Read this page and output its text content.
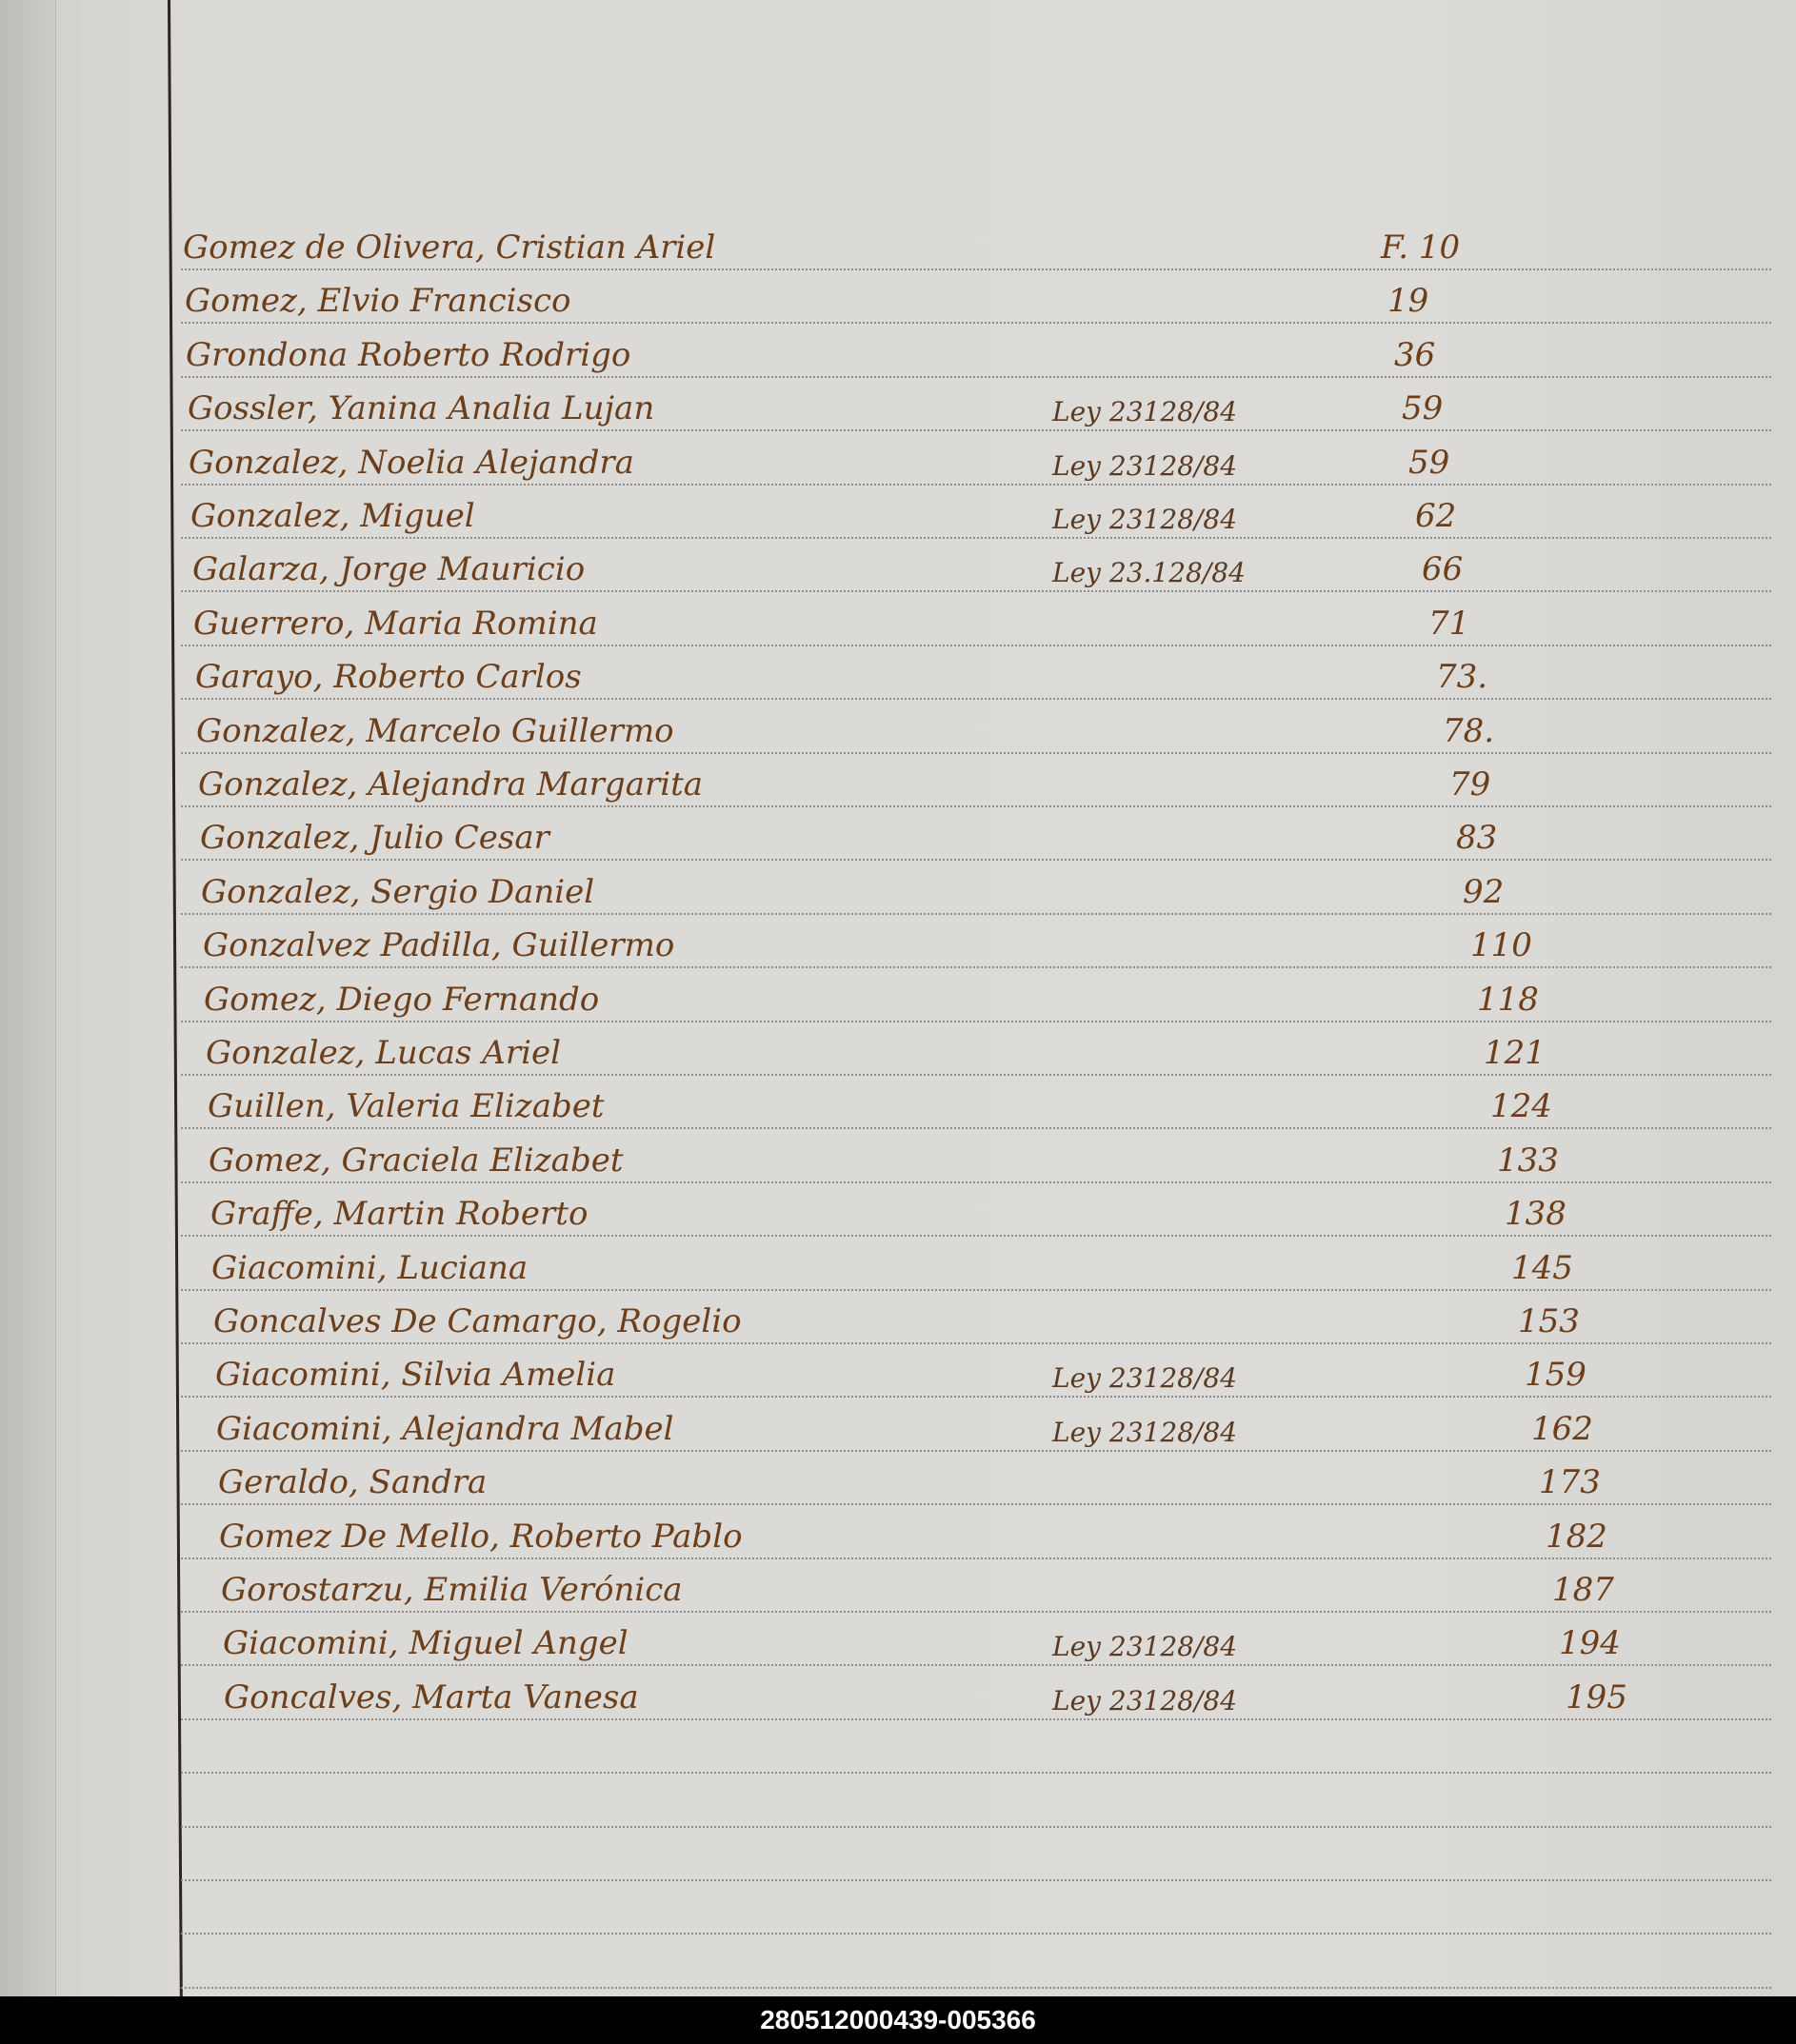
Gomez de Olivera, Cristian Ariel	F. 10
Gomez, Elvio Francisco	19
Grondona Roberto Rodrigo	36
Gossler, Yanina Analia Lujan	Ley 23128/84	59
Gonzalez, Noelia Alejandra	Ley 23128/84	59
Gonzalez, Miguel	Ley 23128/84	62
Galarza, Jorge Mauricio	Ley 23.128/84	66
Guerrero, Maria Romina	71
Garayo, Roberto Carlos	73.
Gonzalez, Marcelo Guillermo	78.
Gonzalez, Alejandra Margarita	79
Gonzalez, Julio Cesar	83
Gonzalez, Sergio Daniel	92
Gonzalvez Padilla, Guillermo	110
Gomez, Diego Fernando	118
Gonzalez, Lucas Ariel	121
Guillen, Valeria Elizabet	124
Gomez, Graciela Elizabet	133
Graffe, Martin Roberto	138
Giacomini, Luciana	145
Goncalves De Camargo, Rogelio	153
Giacomini, Silvia Amelia	Ley 23128/84	159
Giacomini, Alejandra Mabel	Ley 23128/84	162
Geraldo, Sandra	173
Gomez De Mello, Roberto Pablo	182
Gorostarzu, Emilia Verónica	187
Giacomini, Miguel Angel	Ley 23128/84	194
Goncalves, Marta Vanesa	Ley 23128/84	195
280512000439-005366
